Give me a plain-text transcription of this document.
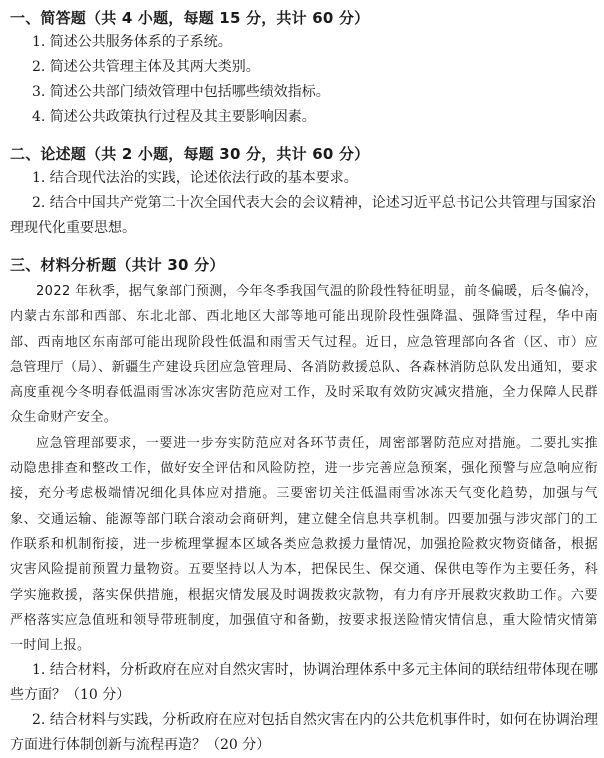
一、简答题（共 4 小题，每题 15 分，共计 60 分）

1. 简述公共服务体系的子系统。

2. 简述公共管理主体及其两大类别。

3. 简述公共部门绩效管理中包括哪些绩效指标。

4. 简述公共政策执行过程及其主要影响因素。

二、论述题（共 2 小题，每题 30 分，共计 60 分）

1. 结合现代法治的实践，论述依法行政的基本要求。

2. 结合中国共产党第二十次全国代表大会的会议精神，论述习近平总书记公共管理与国家治理现代化重要思想。

三、材料分析题（共计 30 分）

2022 年秋季，据气象部门预测，今年冬季我国气温的阶段性特征明显，前冬偏暖，后冬偏冷，内蒙古东部和西部、东北北部、西北地区大部等地可能出现阶段性强降温、强降雪过程，华中南部、西南地区东南部可能出现阶段性低温和雨雪天气过程。近日，应急管理部向各省（区、市）应急管理厅（局）、新疆生产建设兵团应急管理局、各消防救援总队、各森林消防总队发出通知，要求高度重视今冬明春低温雨雪冰冻灾害防范应对工作，及时采取有效防灾减灾措施，全力保障人民群众生命财产安全。

应急管理部要求，一要进一步夯实防范应对各环节责任，周密部署防范应对措施。二要扎实推动隐患排查和整改工作，做好安全评估和风险防控，进一步完善应急预案，强化预警与应急响应衔接，充分考虑极端情况细化具体应对措施。三要密切关注低温雨雪冰冻天气变化趋势，加强与气象、交通运输、能源等部门联合滚动会商研判，建立健全信息共享机制。四要加强与涉灾部门的工作联系和机制衔接，进一步梳理掌握本区域各类应急救援力量情况，加强抢险救灾物资储备，根据灾害风险提前预置力量物资。五要坚持以人为本，把保民生、保交通、保供电等作为主要任务，科学实施救援，落实保供措施，根据灾情发展及时调拨救灾款物，有力有序开展救灾救助工作。六要严格落实应急值班和领导带班制度，加强值守和备勤，按要求报送险情灾情信息，重大险情灾情第一时间上报。

1. 结合材料，分析政府在应对自然灾害时，协调治理体系中多元主体间的联结纽带体现在哪些方面？（10 分）

2. 结合材料与实践，分析政府在应对包括自然灾害在内的公共危机事件时，如何在协调治理方面进行体制创新与流程再造？（20 分）
